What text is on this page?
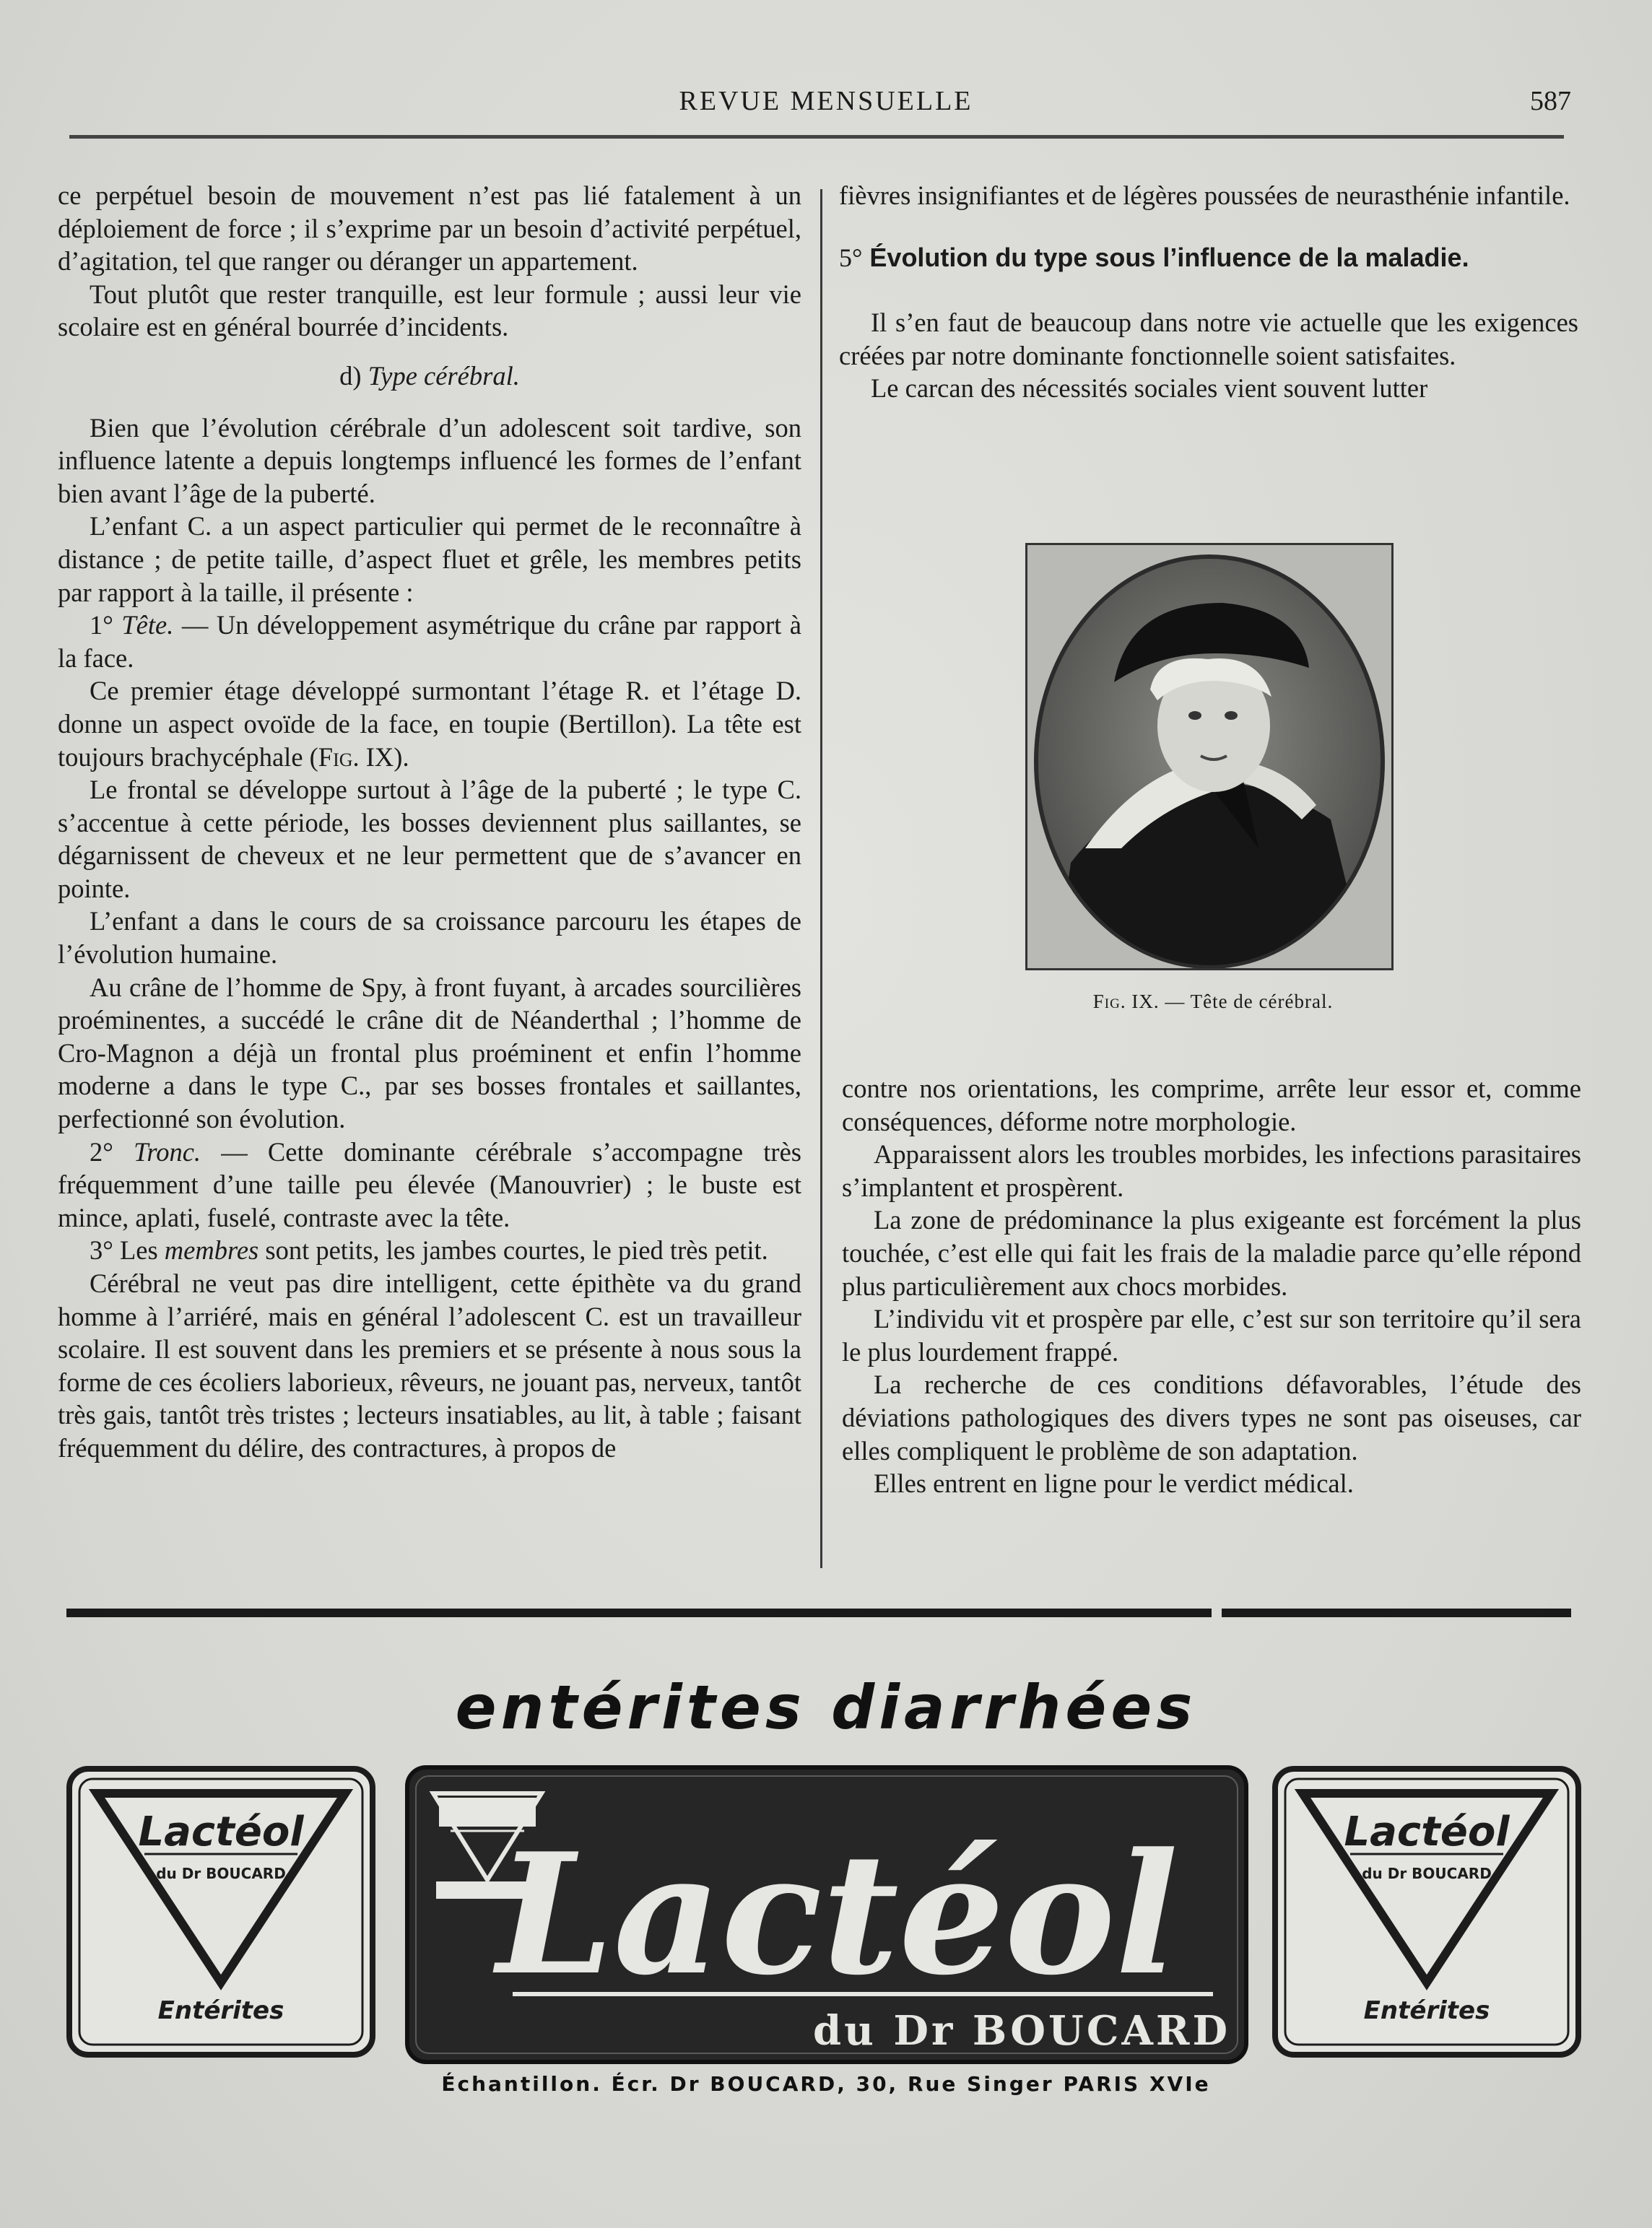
REVUE MENSUELLE	587

ce perpétuel besoin de mouvement n’est pas lié fatalement à un déploiement de force ; il s’exprime par un besoin d’activité perpétuel, d’agitation, tel que ranger ou déranger un appartement.

Tout plutôt que rester tranquille, est leur formule ; aussi leur vie scolaire est en général bourrée d’incidents.

d) Type cérébral.

Bien que l’évolution cérébrale d’un adolescent soit tardive, son influence latente a depuis longtemps influencé les formes de l’enfant bien avant l’âge de la puberté.

L’enfant C. a un aspect particulier qui permet de le reconnaître à distance ; de petite taille, d’aspect fluet et grêle, les membres petits par rapport à la taille, il présente :

1° Tête. — Un développement asymétrique du crâne par rapport à la face.

Ce premier étage développé surmontant l’étage R. et l’étage D. donne un aspect ovoïde de la face, en toupie (Bertillon). La tête est toujours brachycéphale (Fig. IX).

Le frontal se développe surtout à l’âge de la puberté ; le type C. s’accentue à cette période, les bosses deviennent plus saillantes, se dégarnissent de cheveux et ne leur permettent que de s’avancer en pointe.

L’enfant a dans le cours de sa croissance parcouru les étapes de l’évolution humaine.

Au crâne de l’homme de Spy, à front fuyant, à arcades sourcilières proéminentes, a succédé le crâne dit de Néanderthal ; l’homme de Cro-Magnon a déjà un frontal plus proéminent et enfin l’homme moderne a dans le type C., par ses bosses frontales et saillantes, perfectionné son évolution.

2° Tronc. — Cette dominante cérébrale s’accompagne très fréquemment d’une taille peu élevée (Manouvrier) ; le buste est mince, aplati, fuselé, contraste avec la tête.

3° Les membres sont petits, les jambes courtes, le pied très petit.

Cérébral ne veut pas dire intelligent, cette épithète va du grand homme à l’arriéré, mais en général l’adolescent C. est un travailleur scolaire. Il est souvent dans les premiers et se présente à nous sous la forme de ces écoliers laborieux, rêveurs, ne jouant pas, nerveux, tantôt très gais, tantôt très tristes ; lecteurs insatiables, au lit, à table ; faisant fréquemment du délire, des contractures, à propos de

fièvres insignifiantes et de légères poussées de neurasthénie infantile.

5° Évolution du type sous l’influence de la maladie.

Il s’en faut de beaucoup dans notre vie actuelle que les exigences créées par notre dominante fonctionnelle soient satisfaites.

Le carcan des nécessités sociales vient souvent lutter

Fig. IX. — Tête de cérébral.

contre nos orientations, les comprime, arrête leur essor et, comme conséquences, déforme notre morphologie.

Apparaissent alors les troubles morbides, les infections parasitaires s’implantent et prospèrent.

La zone de prédominance la plus exigeante est forcément la plus touchée, c’est elle qui fait les frais de la maladie parce qu’elle répond plus particulièrement aux chocs morbides.

L’individu vit et prospère par elle, c’est sur son territoire qu’il sera le plus lourdement frappé.

La recherche de ces conditions défavorables, l’étude des déviations pathologiques des divers types ne sont pas oiseuses, car elles compliquent le problème de son adaptation.

Elles entrent en ligne pour le verdict médical.

entérites diarrhées
Lactéol
du Dr BOUCARD
Entérites Lactéol
du Dr BOUCARD
Lactéol
du Dr BOUCARD
Entérites
Échantillon. Écr. Dr BOUCARD, 30, Rue Singer PARIS XVIe
